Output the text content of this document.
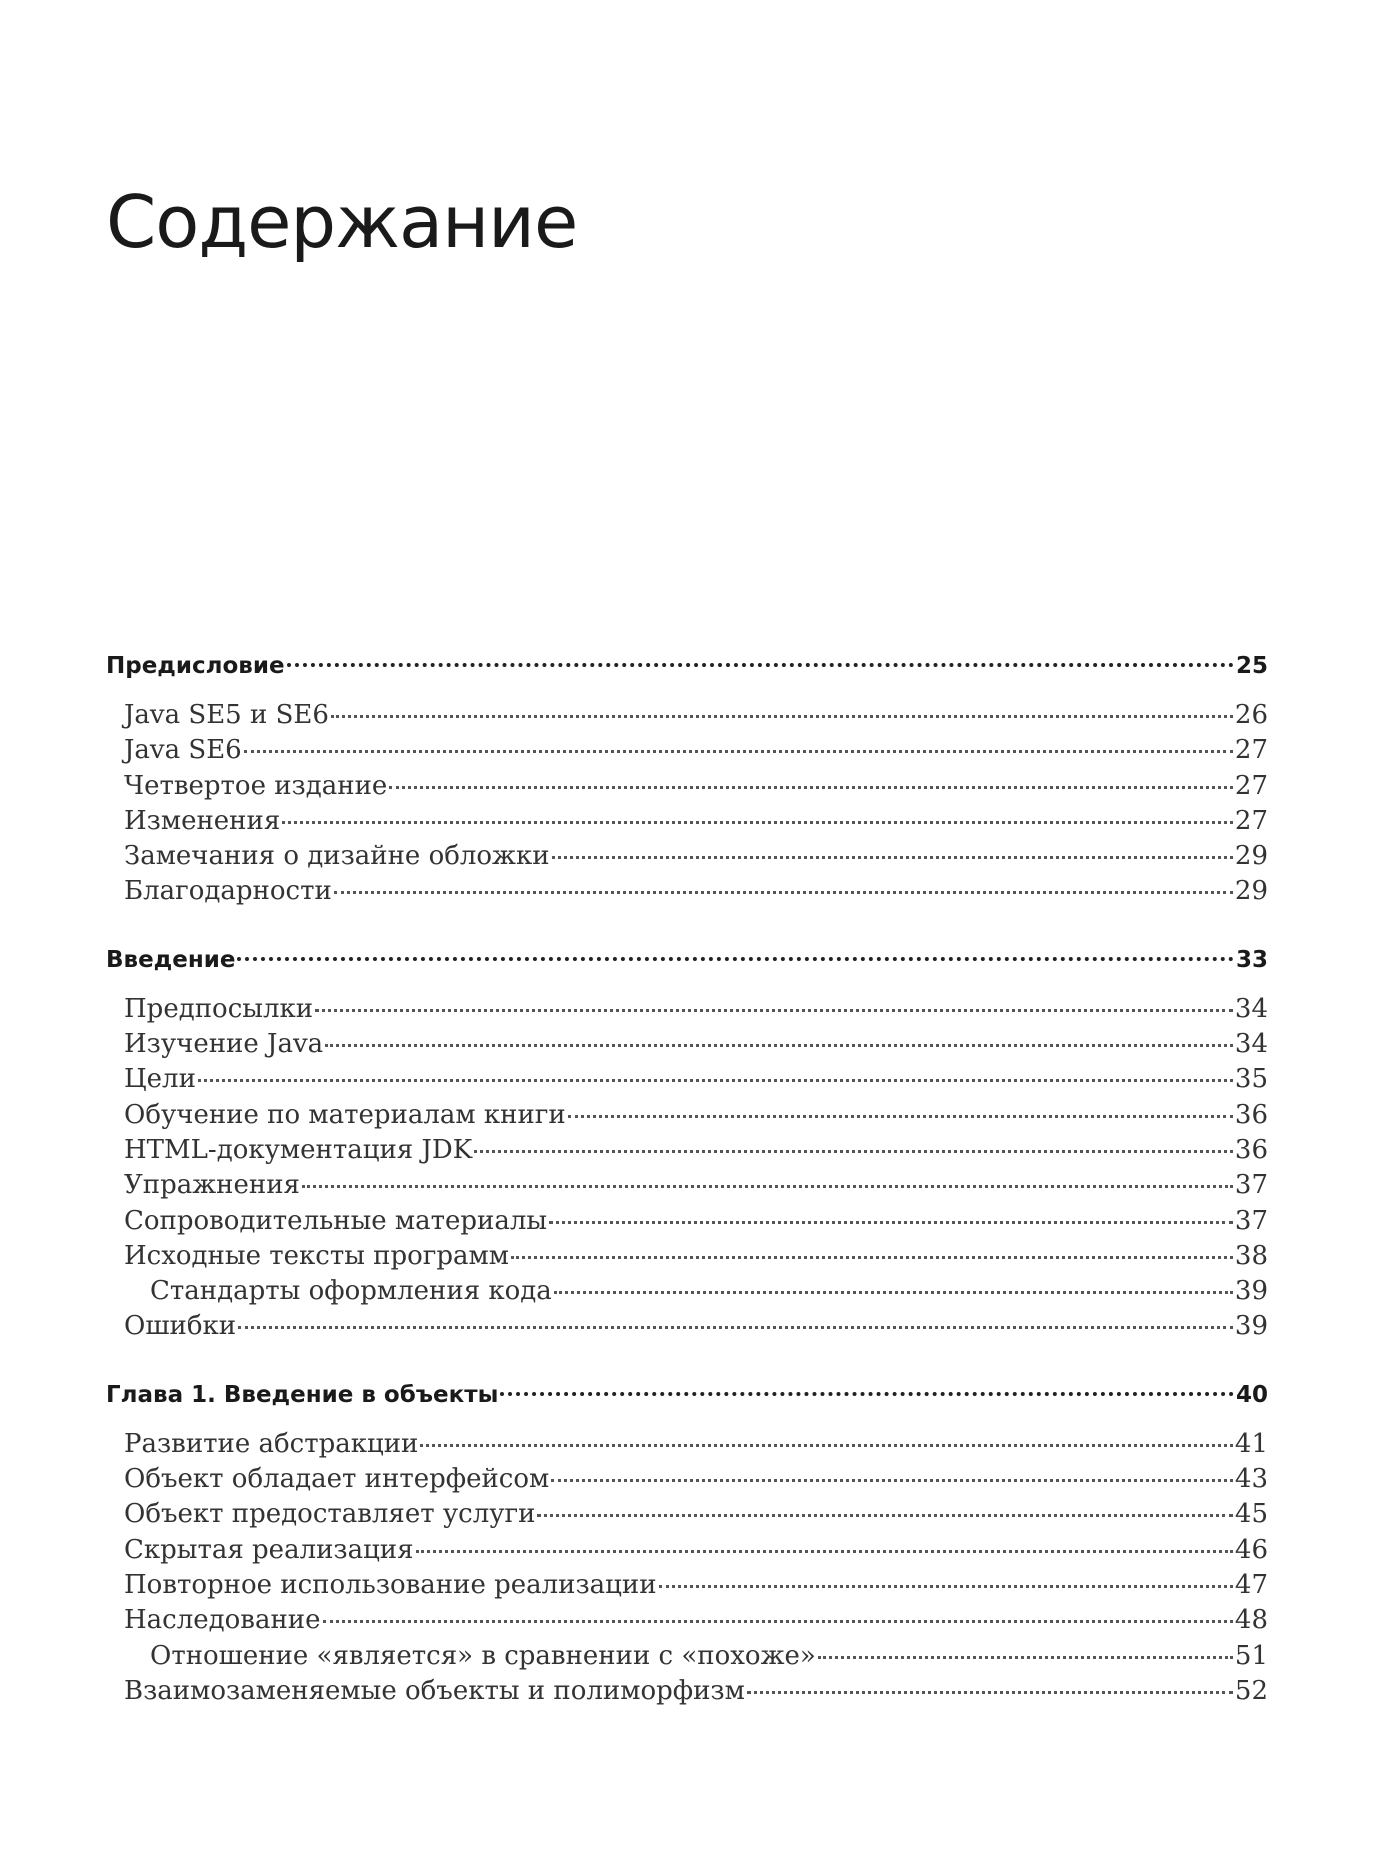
Содержание
Предисловие	25
Java SE5 и SE6	26
Java SE6	27
Четвертое издание	27
Изменения	27
Замечания о дизайне обложки	29
Благодарности	29
Введение	33
Предпосылки	34
Изучение Java	34
Цели	35
Обучение по материалам книги	36
HTML-документация JDK	36
Упражнения	37
Сопроводительные материалы	37
Исходные тексты программ	38
Стандарты оформления кода	39
Ошибки	39
Глава 1. Введение в объекты	40
Развитие абстракции	41
Объект обладает интерфейсом	43
Объект предоставляет услуги	45
Скрытая реализация	46
Повторное использование реализации	47
Наследование	48
Отношение «является» в сравнении с «похоже»	51
Взаимозаменяемые объекты и полиморфизм	52
